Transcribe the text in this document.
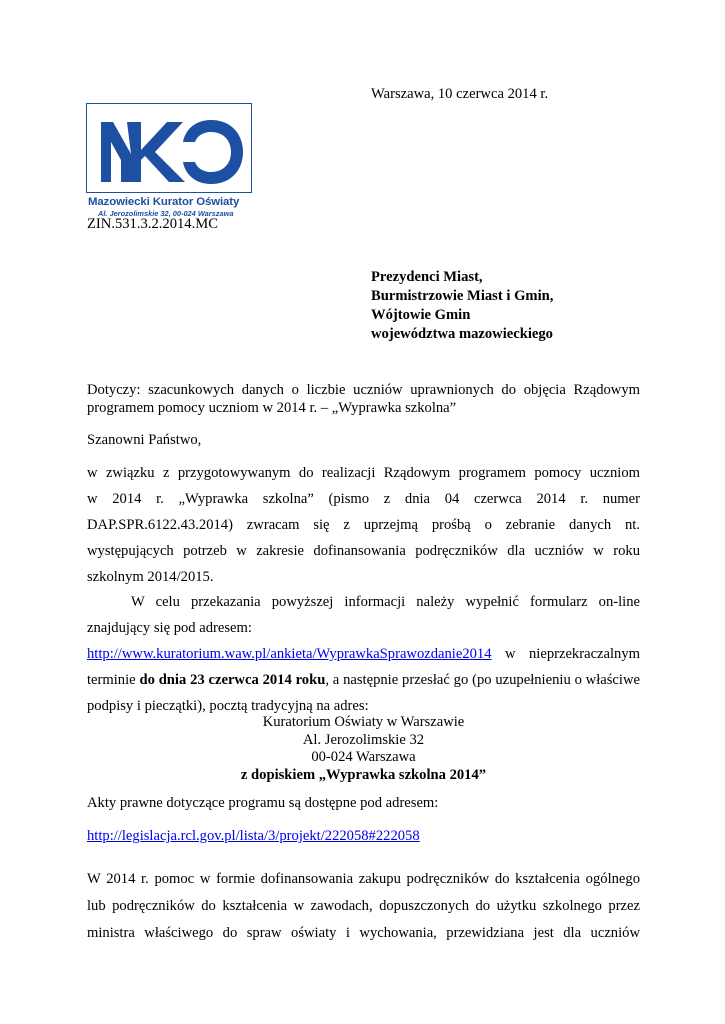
Warszawa, 10 czerwca 2014 r.
Mazowiecki Kurator Oświaty
Al. Jerozolimskie 32, 00-024 Warszawa
ZIN.531.3.2.2014.MC
Prezydenci Miast,
Burmistrzowie Miast i Gmin,
Wójtowie Gmin
województwa mazowieckiego
Dotyczy: szacunkowych danych o liczbie uczniów uprawnionych do objęcia Rządowym
programem pomocy uczniom w 2014 r. – „Wyprawka szkolna”
Szanowni Państwo,
w związku z przygotowywanym do realizacji Rządowym programem pomocy uczniom
w 2014 r. „Wyprawka szkolna” (pismo z dnia 04 czerwca 2014 r. numer
DAP.SPR.6122.43.2014) zwracam się z uprzejmą prośbą o zebranie danych nt.
występujących potrzeb w zakresie dofinansowania podręczników dla uczniów w roku
szkolnym 2014/2015.
W celu przekazania powyższej informacji należy wypełnić formularz on-line
znajdujący się pod adresem:
http://www.kuratorium.waw.pl/ankieta/WyprawkaSprawozdanie2014 w nieprzekraczalnym
terminie do dnia 23 czerwca 2014 roku, a następnie przesłać go (po uzupełnieniu o właściwe
podpisy i pieczątki), pocztą tradycyjną na adres:
Kuratorium Oświaty w Warszawie
Al. Jerozolimskie 32
00-024 Warszawa
z dopiskiem „Wyprawka szkolna 2014”
Akty prawne dotyczące programu są dostępne pod adresem:
http://legislacja.rcl.gov.pl/lista/3/projekt/222058#222058
W 2014 r. pomoc w formie dofinansowania zakupu podręczników do kształcenia ogólnego
lub podręczników do kształcenia w zawodach, dopuszczonych do użytku szkolnego przez
ministra właściwego do spraw oświaty i wychowania, przewidziana jest dla uczniów
